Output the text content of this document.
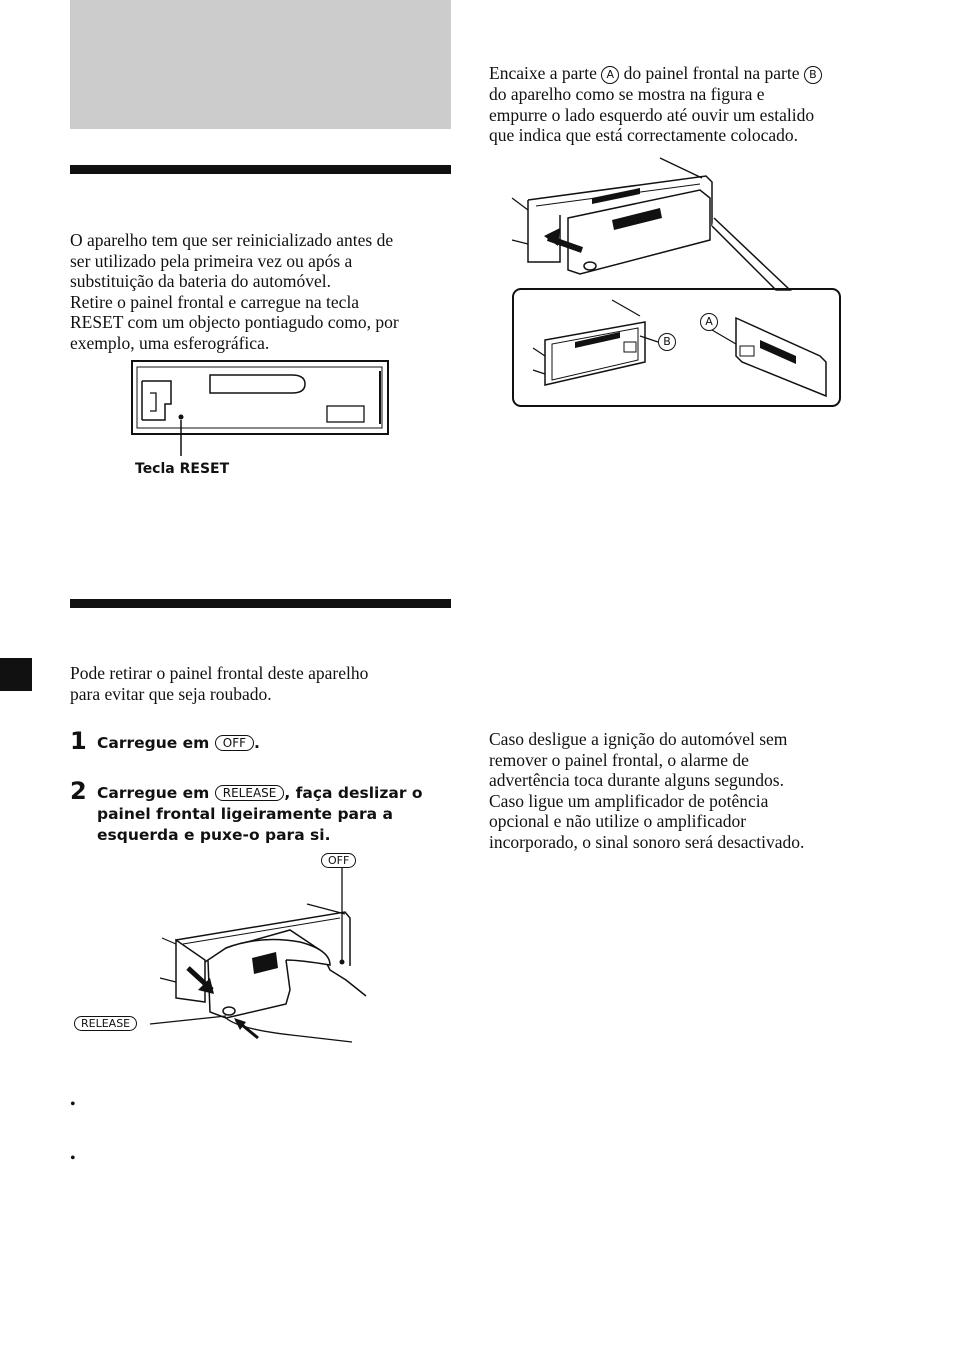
O aparelho tem que ser reinicializado antes de
ser utilizado pela primeira vez ou após a
substituição da bateria do automóvel.
Retire o painel frontal e carregue na tecla
RESET com um objecto pontiagudo como, por
exemplo, uma esferográfica.
Tecla RESET
Pode retirar o painel frontal deste aparelho
para evitar que seja roubado.
1 Carregue em OFF .
2 Carregue em RELEASE , faça deslizar o
painel frontal ligeiramente para a
esquerda e puxe-o para si.
OFF
RELEASE
•
•
Encaixe a parte A do painel frontal na parte B
do aparelho como se mostra na figura e
empurre o lado esquerdo até ouvir um estalido
que indica que está correctamente colocado.
B
A
Caso desligue a ignição do automóvel sem
remover o painel frontal, o alarme de
advertência toca durante alguns segundos.
Caso ligue um amplificador de potência
opcional e não utilize o amplificador
incorporado, o sinal sonoro será desactivado.
